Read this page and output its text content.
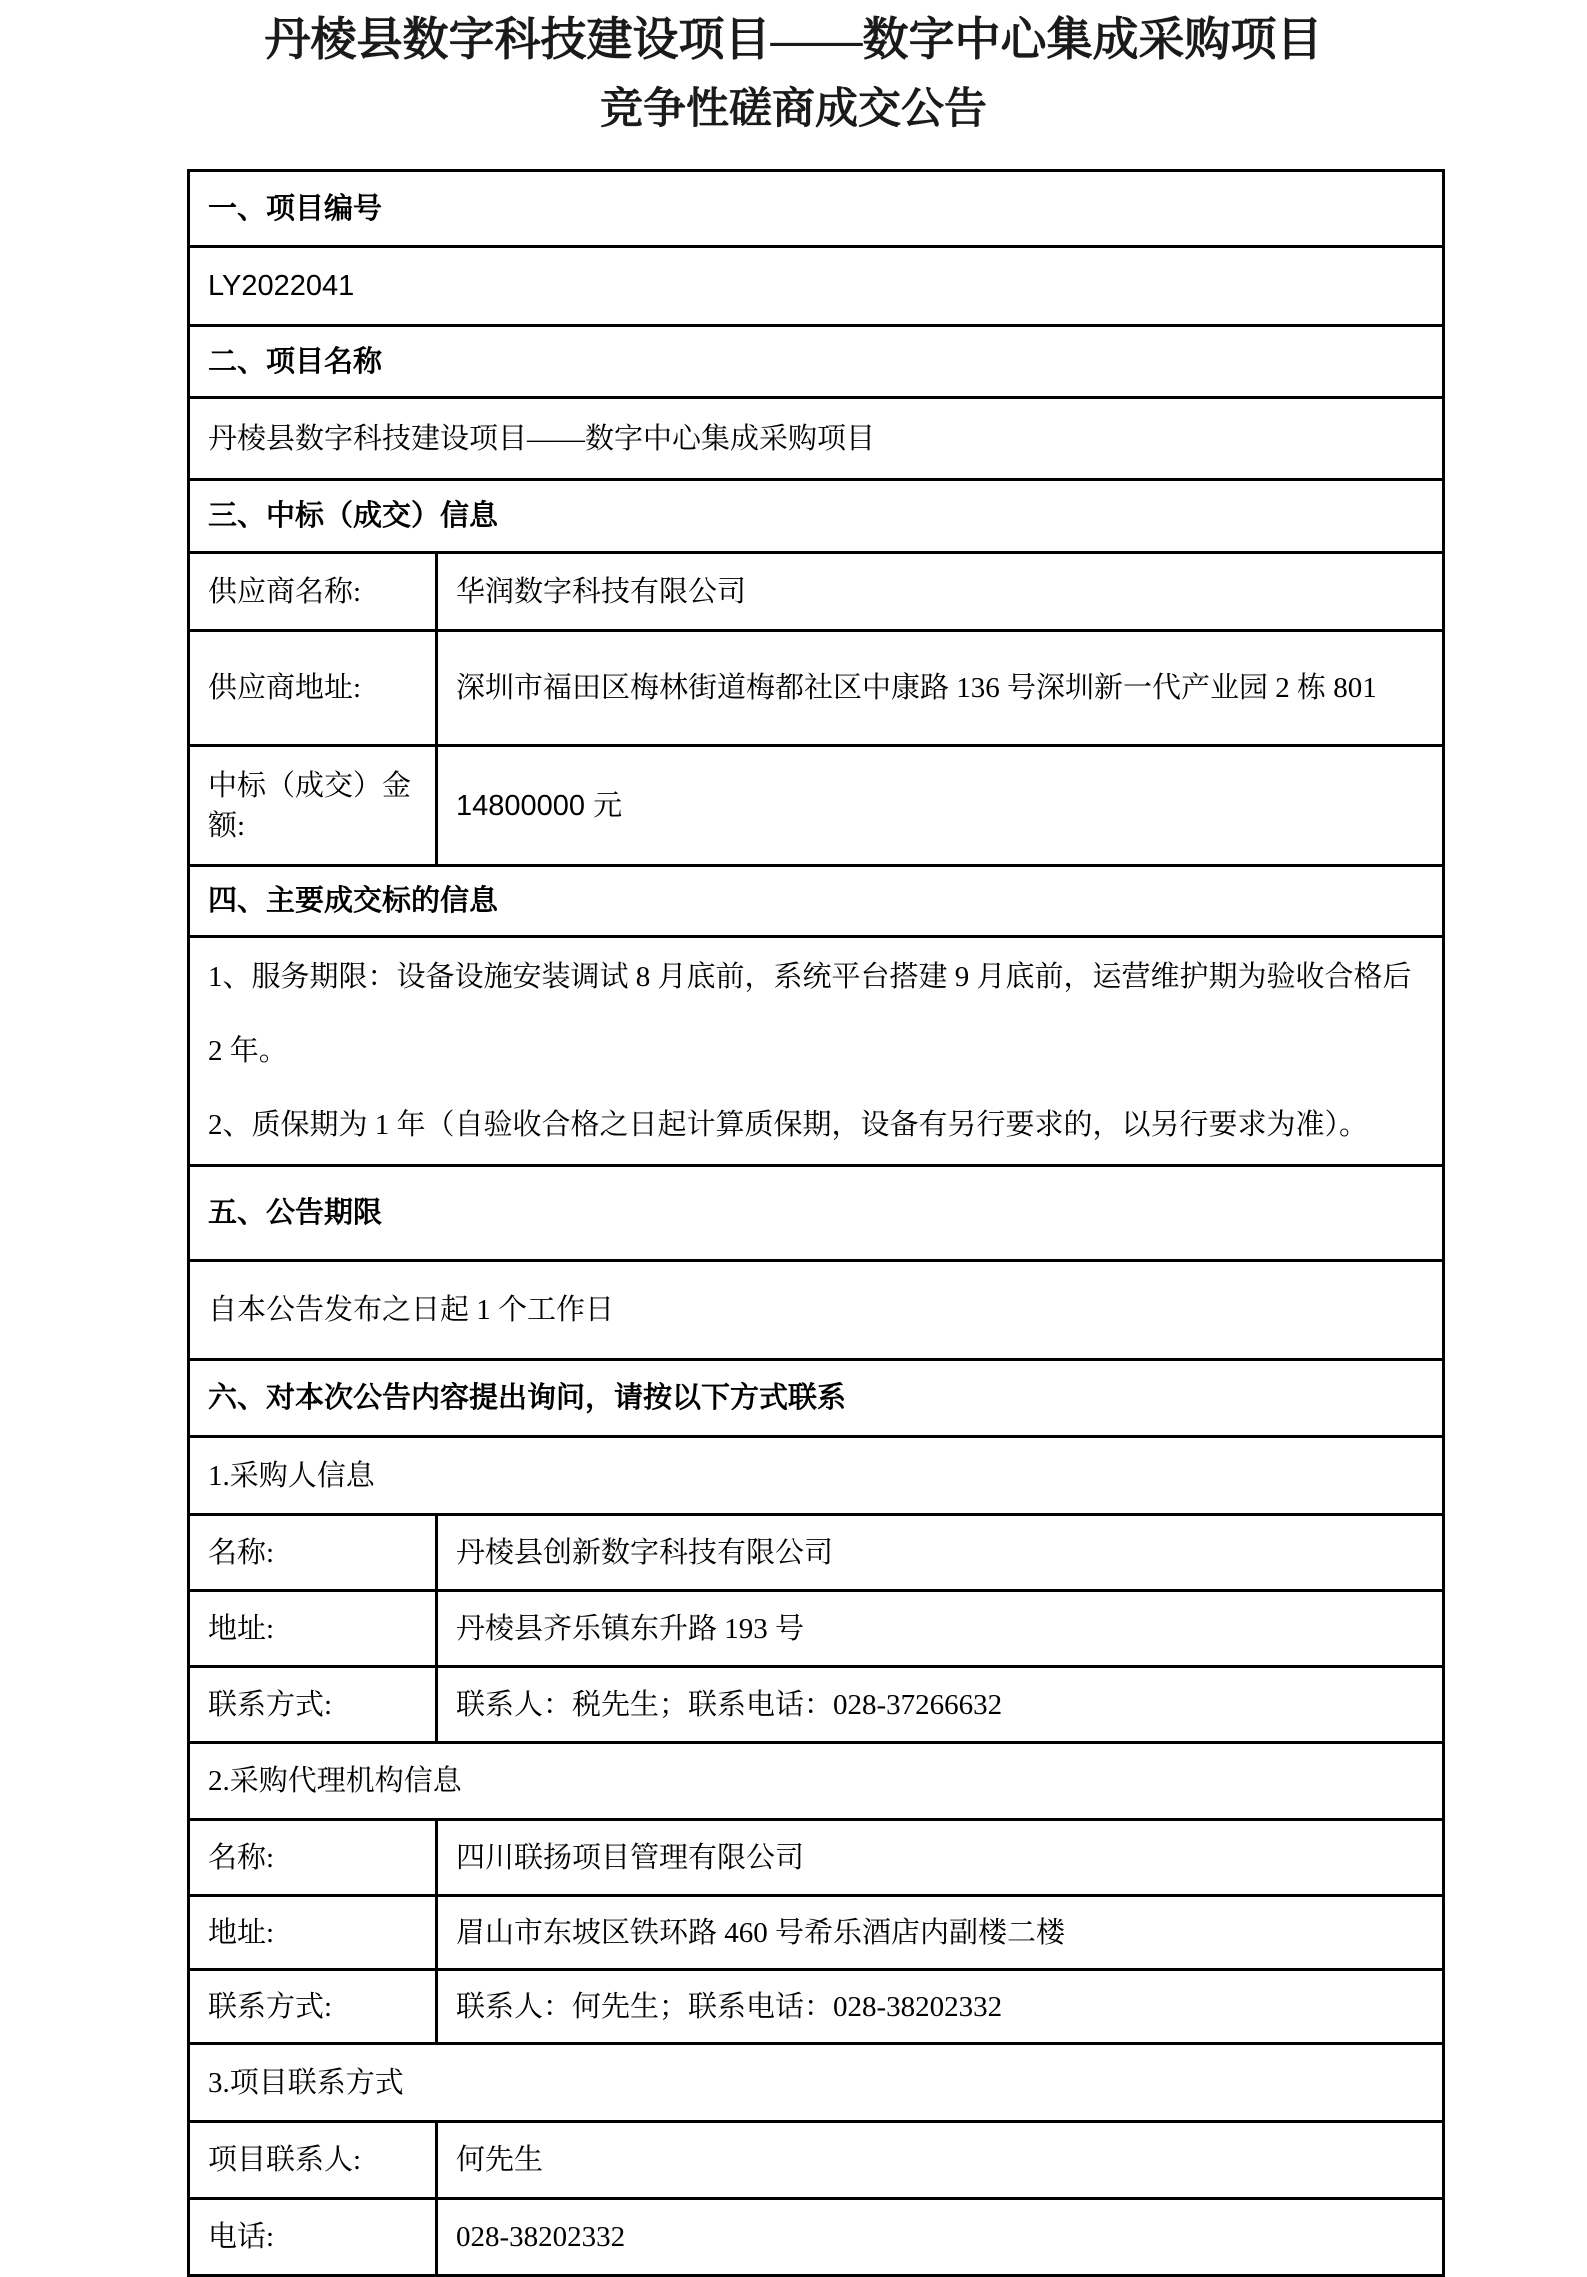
丹棱县数字科技建设项目——数字中心集成采购项目
竞争性磋商成交公告
一、项目编号	
LY2022041	
二、项目名称	
丹棱县数字科技建设项目——数字中心集成采购项目	
三、中标（成交）信息	
供应商名称:	华润数字科技有限公司
供应商地址:	深圳市福田区梅林街道梅都社区中康路 136 号深圳新一代产业园 2 栋 801
中标（成交）金额:	14800000 元
四、主要成交标的信息	

1、服务期限：设备设施安装调试 8 月底前，系统平台搭建 9 月底前，运营维护期为验收合格后 2 年。
2、质保期为 1 年（自验收合格之日起计算质保期，设备有另行要求的，以另行要求为准）。	

五、公告期限	
自本公告发布之日起 1 个工作日	
六、对本次公告内容提出询问，请按以下方式联系	
1.采购人信息	
名称:	丹棱县创新数字科技有限公司
地址:	丹棱县齐乐镇东升路 193 号
联系方式:	联系人：税先生；联系电话：028-37266632
2.采购代理机构信息	
名称:	四川联扬项目管理有限公司
地址:	眉山市东坡区铁环路 460 号希乐酒店内副楼二楼
联系方式:	联系人：何先生；联系电话：028-38202332
3.项目联系方式	
项目联系人:	何先生
电话:	028-38202332
